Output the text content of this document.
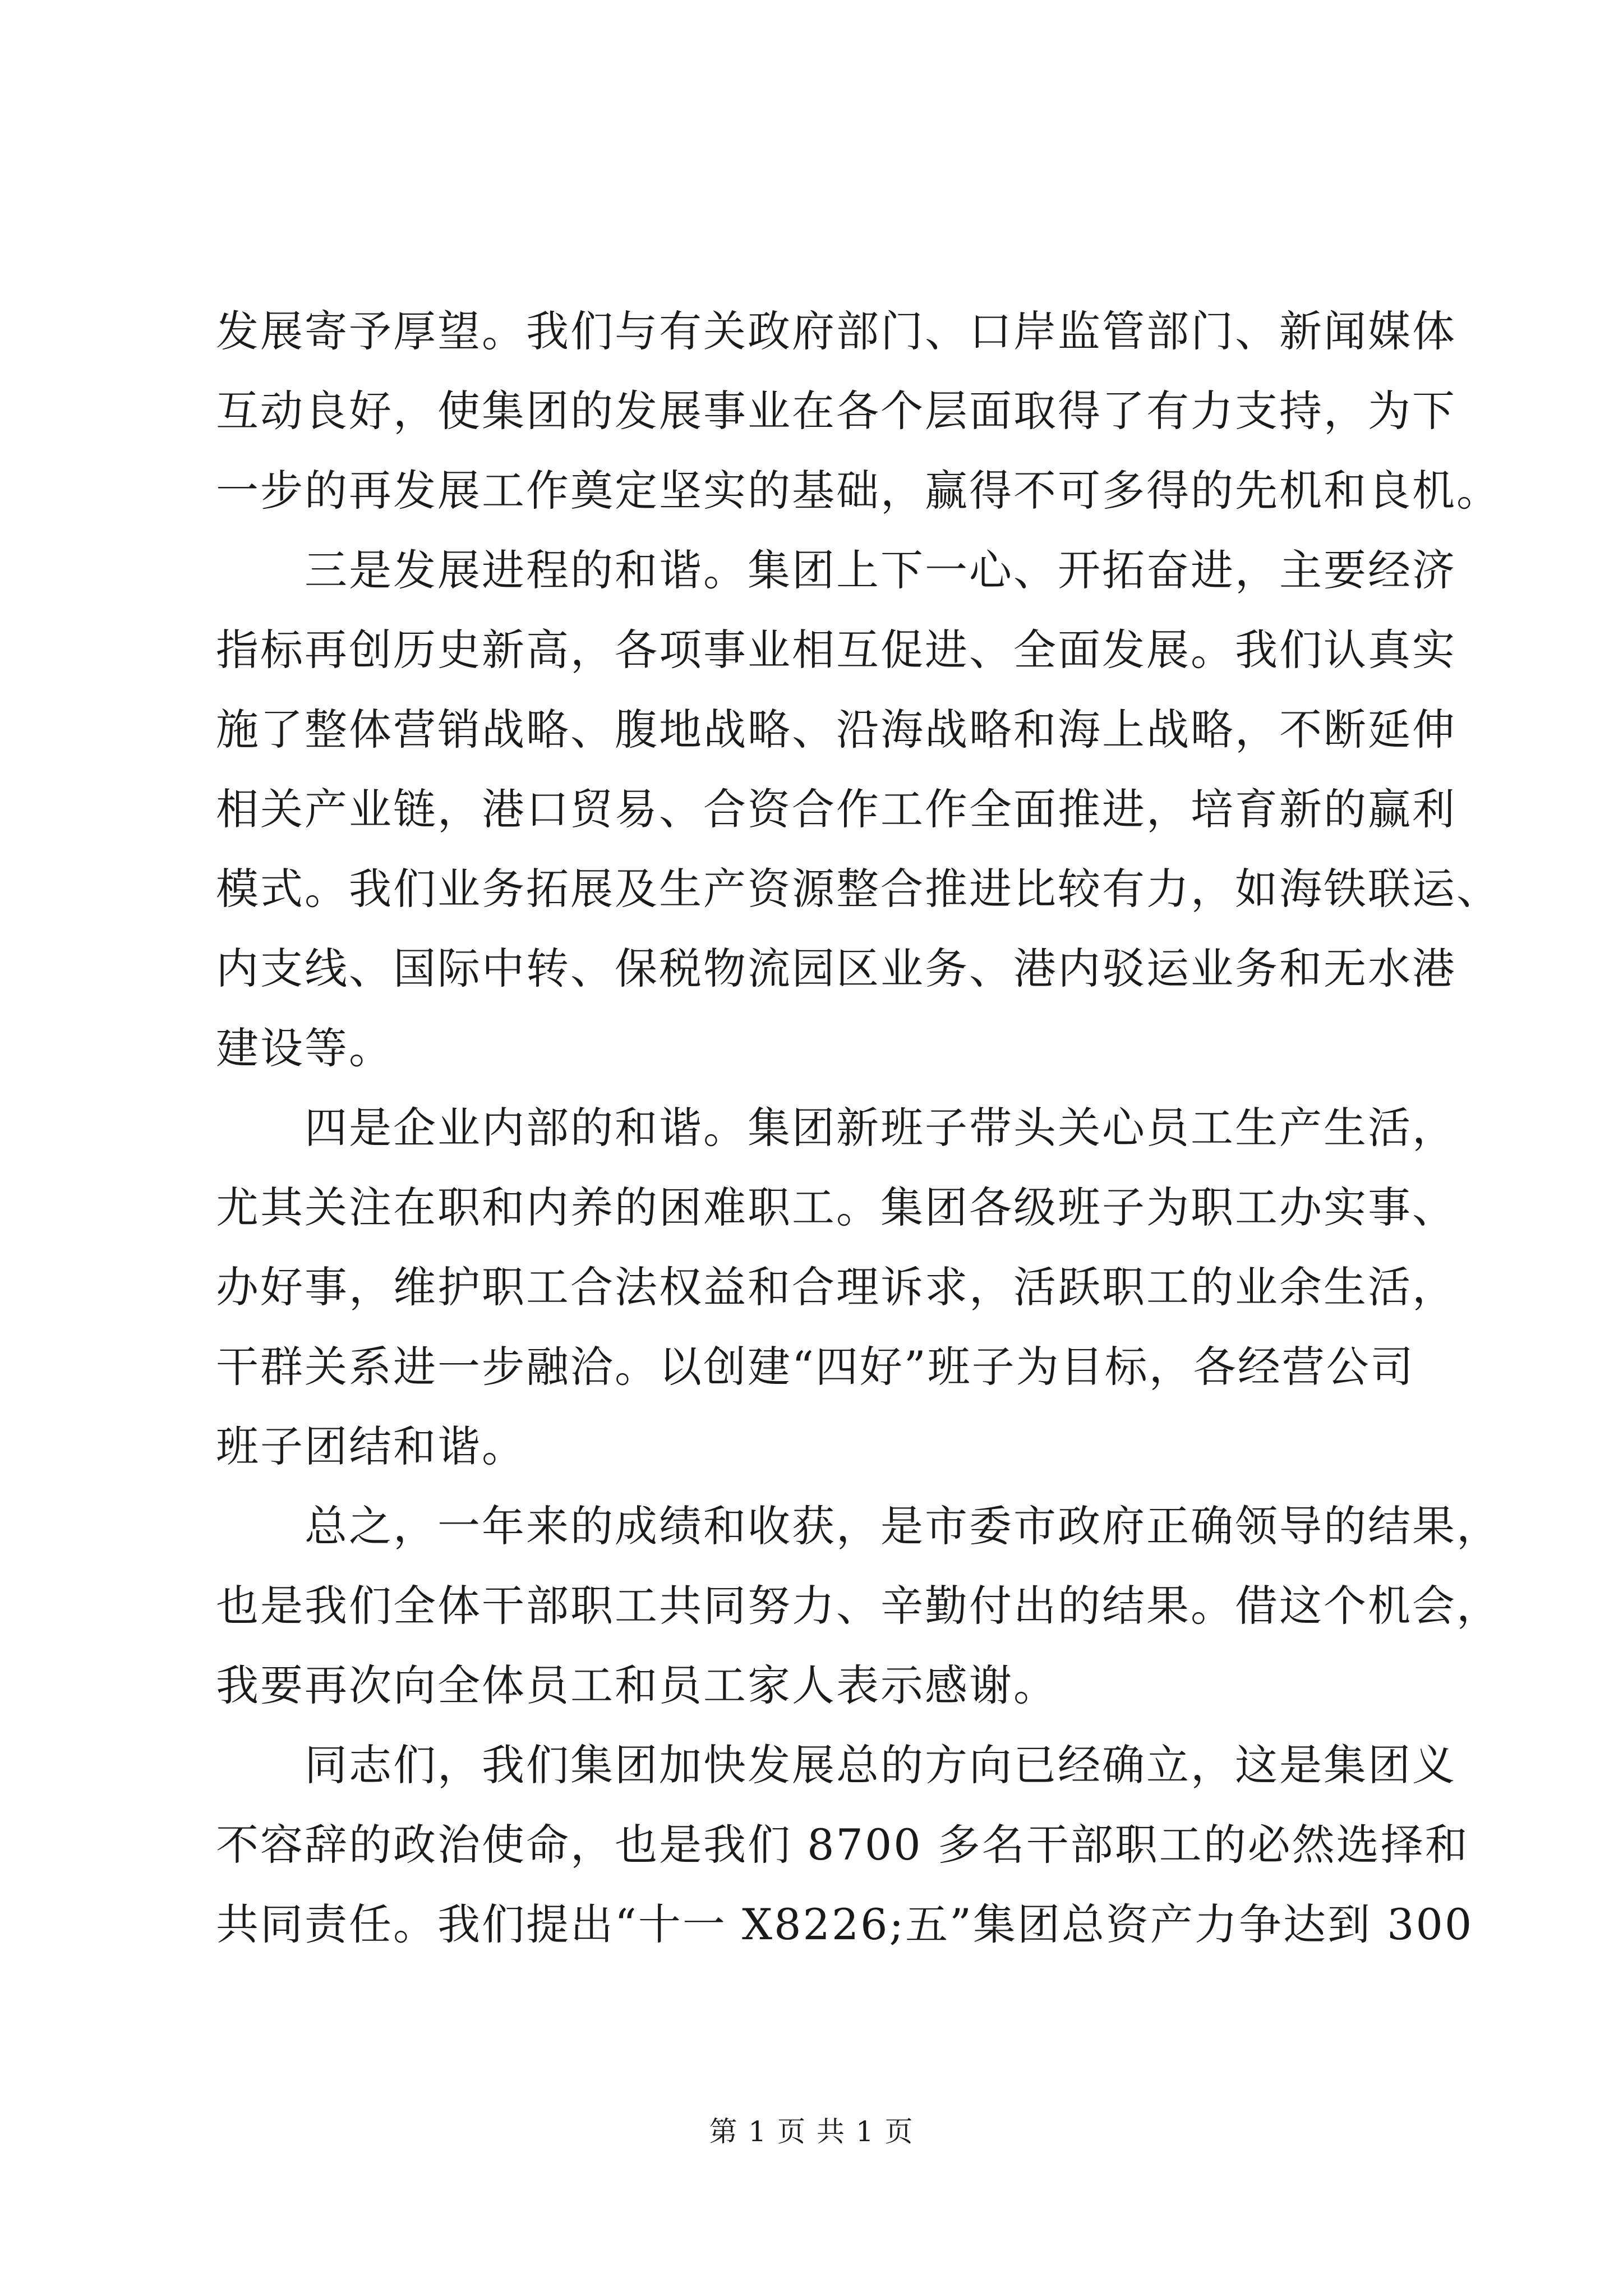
发展寄予厚望。我们与有关政府部门、口岸监管部门、新闻媒体
互动良好，使集团的发展事业在各个层面取得了有力支持，为下
一步的再发展工作奠定坚实的基础，赢得不可多得的先机和良机。
　　三是发展进程的和谐。集团上下一心、开拓奋进，主要经济
指标再创历史新高，各项事业相互促进、全面发展。我们认真实
施了整体营销战略、腹地战略、沿海战略和海上战略，不断延伸
相关产业链，港口贸易、合资合作工作全面推进，培育新的赢利
模式。我们业务拓展及生产资源整合推进比较有力，如海铁联运、
内支线、国际中转、保税物流园区业务、港内驳运业务和无水港
建设等。
　　四是企业内部的和谐。集团新班子带头关心员工生产生活，
尤其关注在职和内养的困难职工。集团各级班子为职工办实事、
办好事，维护职工合法权益和合理诉求，活跃职工的业余生活，
干群关系进一步融洽。以创建“四好”班子为目标，各经营公司
班子团结和谐。
　　总之，一年来的成绩和收获，是市委市政府正确领导的结果，
也是我们全体干部职工共同努力、辛勤付出的结果。借这个机会，
我要再次向全体员工和员工家人表示感谢。
　　同志们，我们集团加快发展总的方向已经确立，这是集团义
不容辞的政治使命，也是我们 8700 多名干部职工的必然选择和
共同责任。我们提出“十一 X8226;五”集团总资产力争达到 300
第 1 页 共 1 页
